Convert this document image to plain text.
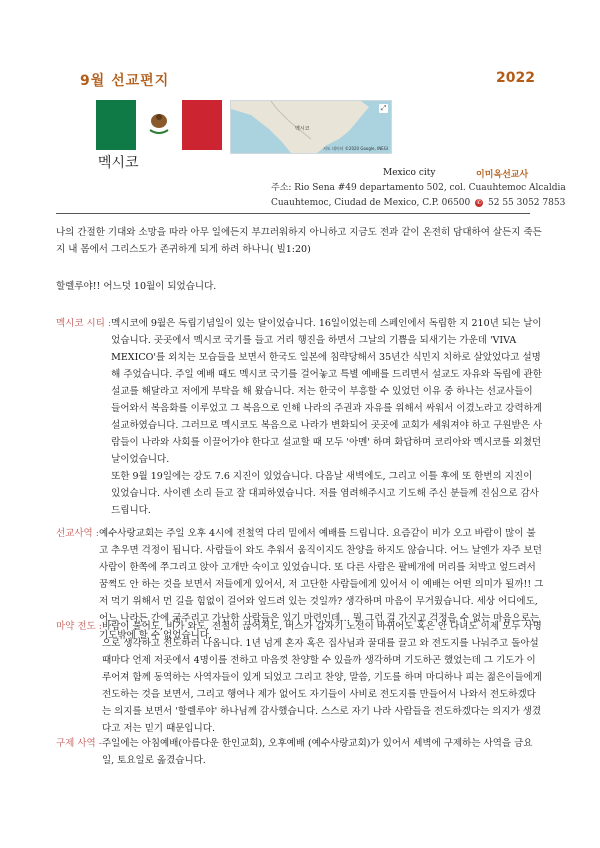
9월 선교편지	2022
멕시코
멕시코
⤢
지도 데이터 ©2020 Google, INEGI
Mexico city	이미옥선교사
주소: Rio Sena #49 departamento 502, col. Cuauhtemoc Alcaldia
Cuauhtemoc, Ciudad de Mexico, C.P. 06500 ✆ 52 55 3052 7853
나의 간절한 기대와 소망을 따라 아무 일에든지 부끄러워하지 아니하고 지금도 전과 같이 온전히 담대하여 살든지 죽든지 내 몸에서 그리스도가 존귀하게 되게 하려 하나니( 빌1:20)
할렐루야!! 어느덧 10월이 되었습니다.
멕시코 시티 : 멕시코에 9월은 독립기념일이 있는 달이었습니다. 16일이었는데 스페인에서 독립한 지 210년 되는 날이었습니다. 곳곳에서 멕시코 국기를 들고 거리 행진을 하면서 그날의 기쁨을 되새기는 가운데 'VIVA MEXICO'를 외치는 모습들을 보면서 한국도 일본에 침략당해서 35년간 식민지 치하로 살았었다고 설명해 주었습니다. 주일 예배 때도 멕시코 국기를 걸어놓고 특별 예배를 드리면서 설교도 자유와 독립에 관한 설교를 해달라고 저에게 부탁을 해 왔습니다. 저는 한국이 부흥할 수 있었던 이유 중 하나는 선교사들이 들어와서 복음화를 이루었고 그 복음으로 인해 나라의 주권과 자유를 위해서 싸워서 이겼노라고 강력하게 설교하였습니다. 그러므로 멕시코도 복음으로 나라가 변화되어 곳곳에 교회가 세워져야 하고 구원받은 사람들이 나라와 사회를 이끌어가야 한다고 설교할 때 모두 '아멘' 하며 화답하며 코리아와 멕시코를 외쳤던 날이었습니다.

또한 9월 19일에는 강도 7.6 지진이 있었습니다. 다음날 새벽에도, 그리고 이틀 후에 또 한번의 지진이 있었습니다. 사이렌 소리 듣고 잘 대피하였습니다. 저를 염려해주시고 기도해 주신 분들께 진심으로 감사드립니다.

선교사역 : 예수사랑교회는 주일 오후 4시에 전철역 다리 밑에서 예배를 드립니다. 요즘같이 비가 오고 바람이 많이 불고 추우면 걱정이 됩니다. 사람들이 와도 추워서 움직이지도 찬양을 하지도 않습니다. 어느 날엔가 자주 보던 사람이 한쪽에 쭈그리고 앉아 고개만 숙이고 있었습니다. 또 다른 사람은 팔베개에 머리를 처박고 엎드려서 꿈쩍도 안 하는 것을 보면서 저들에게 있어서, 저 고단한 사람들에게 있어서 이 예배는 어떤 의미가 될까!! 그저 먹기 위해서 먼 길을 힘없이 걸어와 엎드려 있는 것일까? 생각하며 마음이 무거웠습니다. 세상 어디에도, 어느 나라든 간에 굶주리고 가난한 사람들은 있기 마련인데… 뭘 그런 걸 가지고 걱정을 수 없는 마음으로는 기도밖에 할 수 없었습니다.

마약 전도 : 바람이 불어도, 비가 와도, 전철이 끊어져도, 버스가 갑자기 노선이 바뀌어도 혹은 안 다녀도 이제 모두 사명으로 생각하고 전도하러 나옵니다. 1년 넘게 혼자 혹은 집사님과 꿀대를 끌고 와 전도지를 나눠주고 돌아설 때마다 언제 저곳에서 4명이를 전하고 마음껏 찬양할 수 있을까 생각하며 기도하곤 했었는데 그 기도가 이루어져 함께 동역하는 사역자들이 있게 되었고 그리고 찬양, 말씀, 기도를 하며 마디하나 피는 젊은이들에게 전도하는 것을 보면서, 그리고 행여나 제가 없어도 자기들이 사비로 전도지를 만들어서 나와서 전도하겠다는 의지를 보면서 '할렐루야' 하나님께 감사했습니다. 스스로 자기 나라 사람들을 전도하겠다는 의지가 생겼다고 저는 믿기 때문입니다.

구제 사역 - 주일에는 아침예배(아름다운 한인교회), 오후예배 (예수사랑교회)가 있어서 세벽에 구제하는 사역을 금요일, 토요일로 옮겼습니다.
